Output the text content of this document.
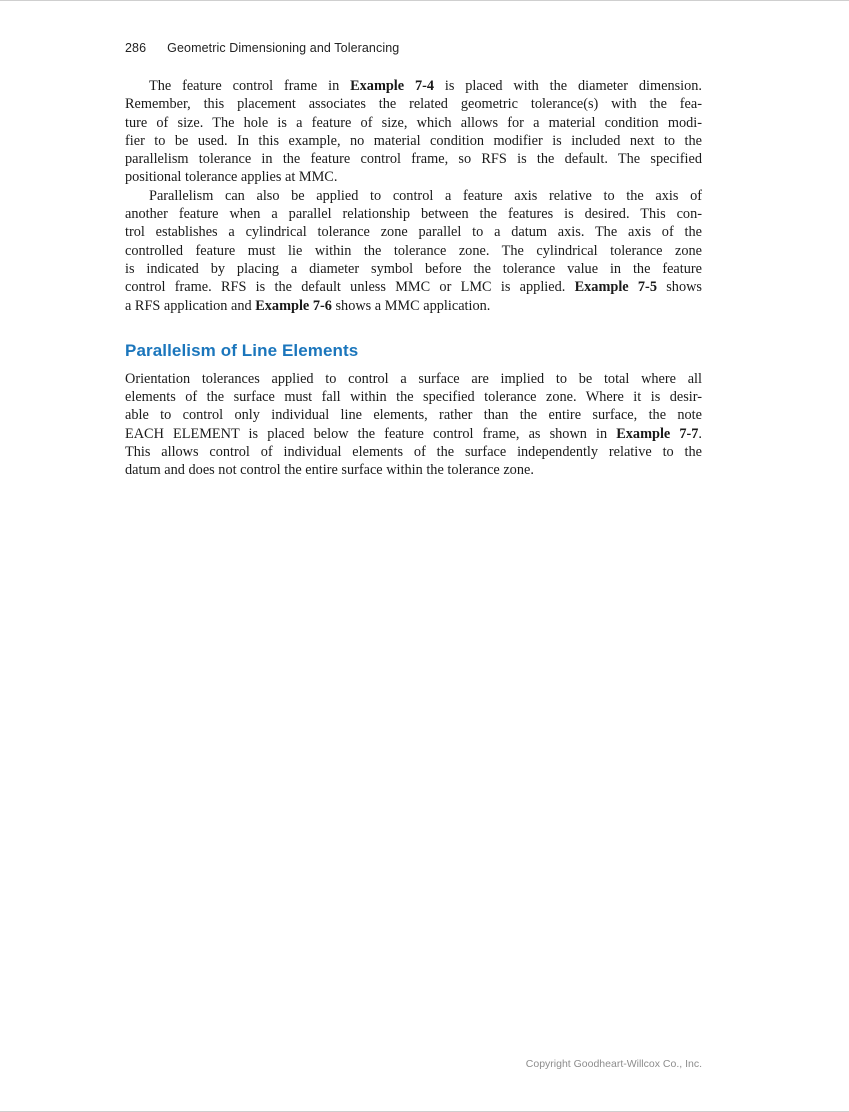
286 Geometric Dimensioning and Tolerancing
The feature control frame in Example 7-4 is placed with the diameter dimension.
Remember, this placement associates the related geometric tolerance(s) with the fea-
ture of size. The hole is a feature of size, which allows for a material condition modi-
fier to be used. In this example, no material condition modifier is included next to the
parallelism tolerance in the feature control frame, so RFS is the default. The specified
positional tolerance applies at MMC.
Parallelism can also be applied to control a feature axis relative to the axis of
another feature when a parallel relationship between the features is desired. This con-
trol establishes a cylindrical tolerance zone parallel to a datum axis. The axis of the
controlled feature must lie within the tolerance zone. The cylindrical tolerance zone
is indicated by placing a diameter symbol before the tolerance value in the feature
control frame. RFS is the default unless MMC or LMC is applied. Example 7-5 shows
a RFS application and Example 7-6 shows a MMC application.
Parallelism of Line Elements
Orientation tolerances applied to control a surface are implied to be total where all
elements of the surface must fall within the specified tolerance zone. Where it is desir-
able to control only individual line elements, rather than the entire surface, the note
EACH ELEMENT is placed below the feature control frame, as shown in Example 7-7.
This allows control of individual elements of the surface independently relative to the
datum and does not control the entire surface within the tolerance zone.
Copyright Goodheart-Willcox Co., Inc.
